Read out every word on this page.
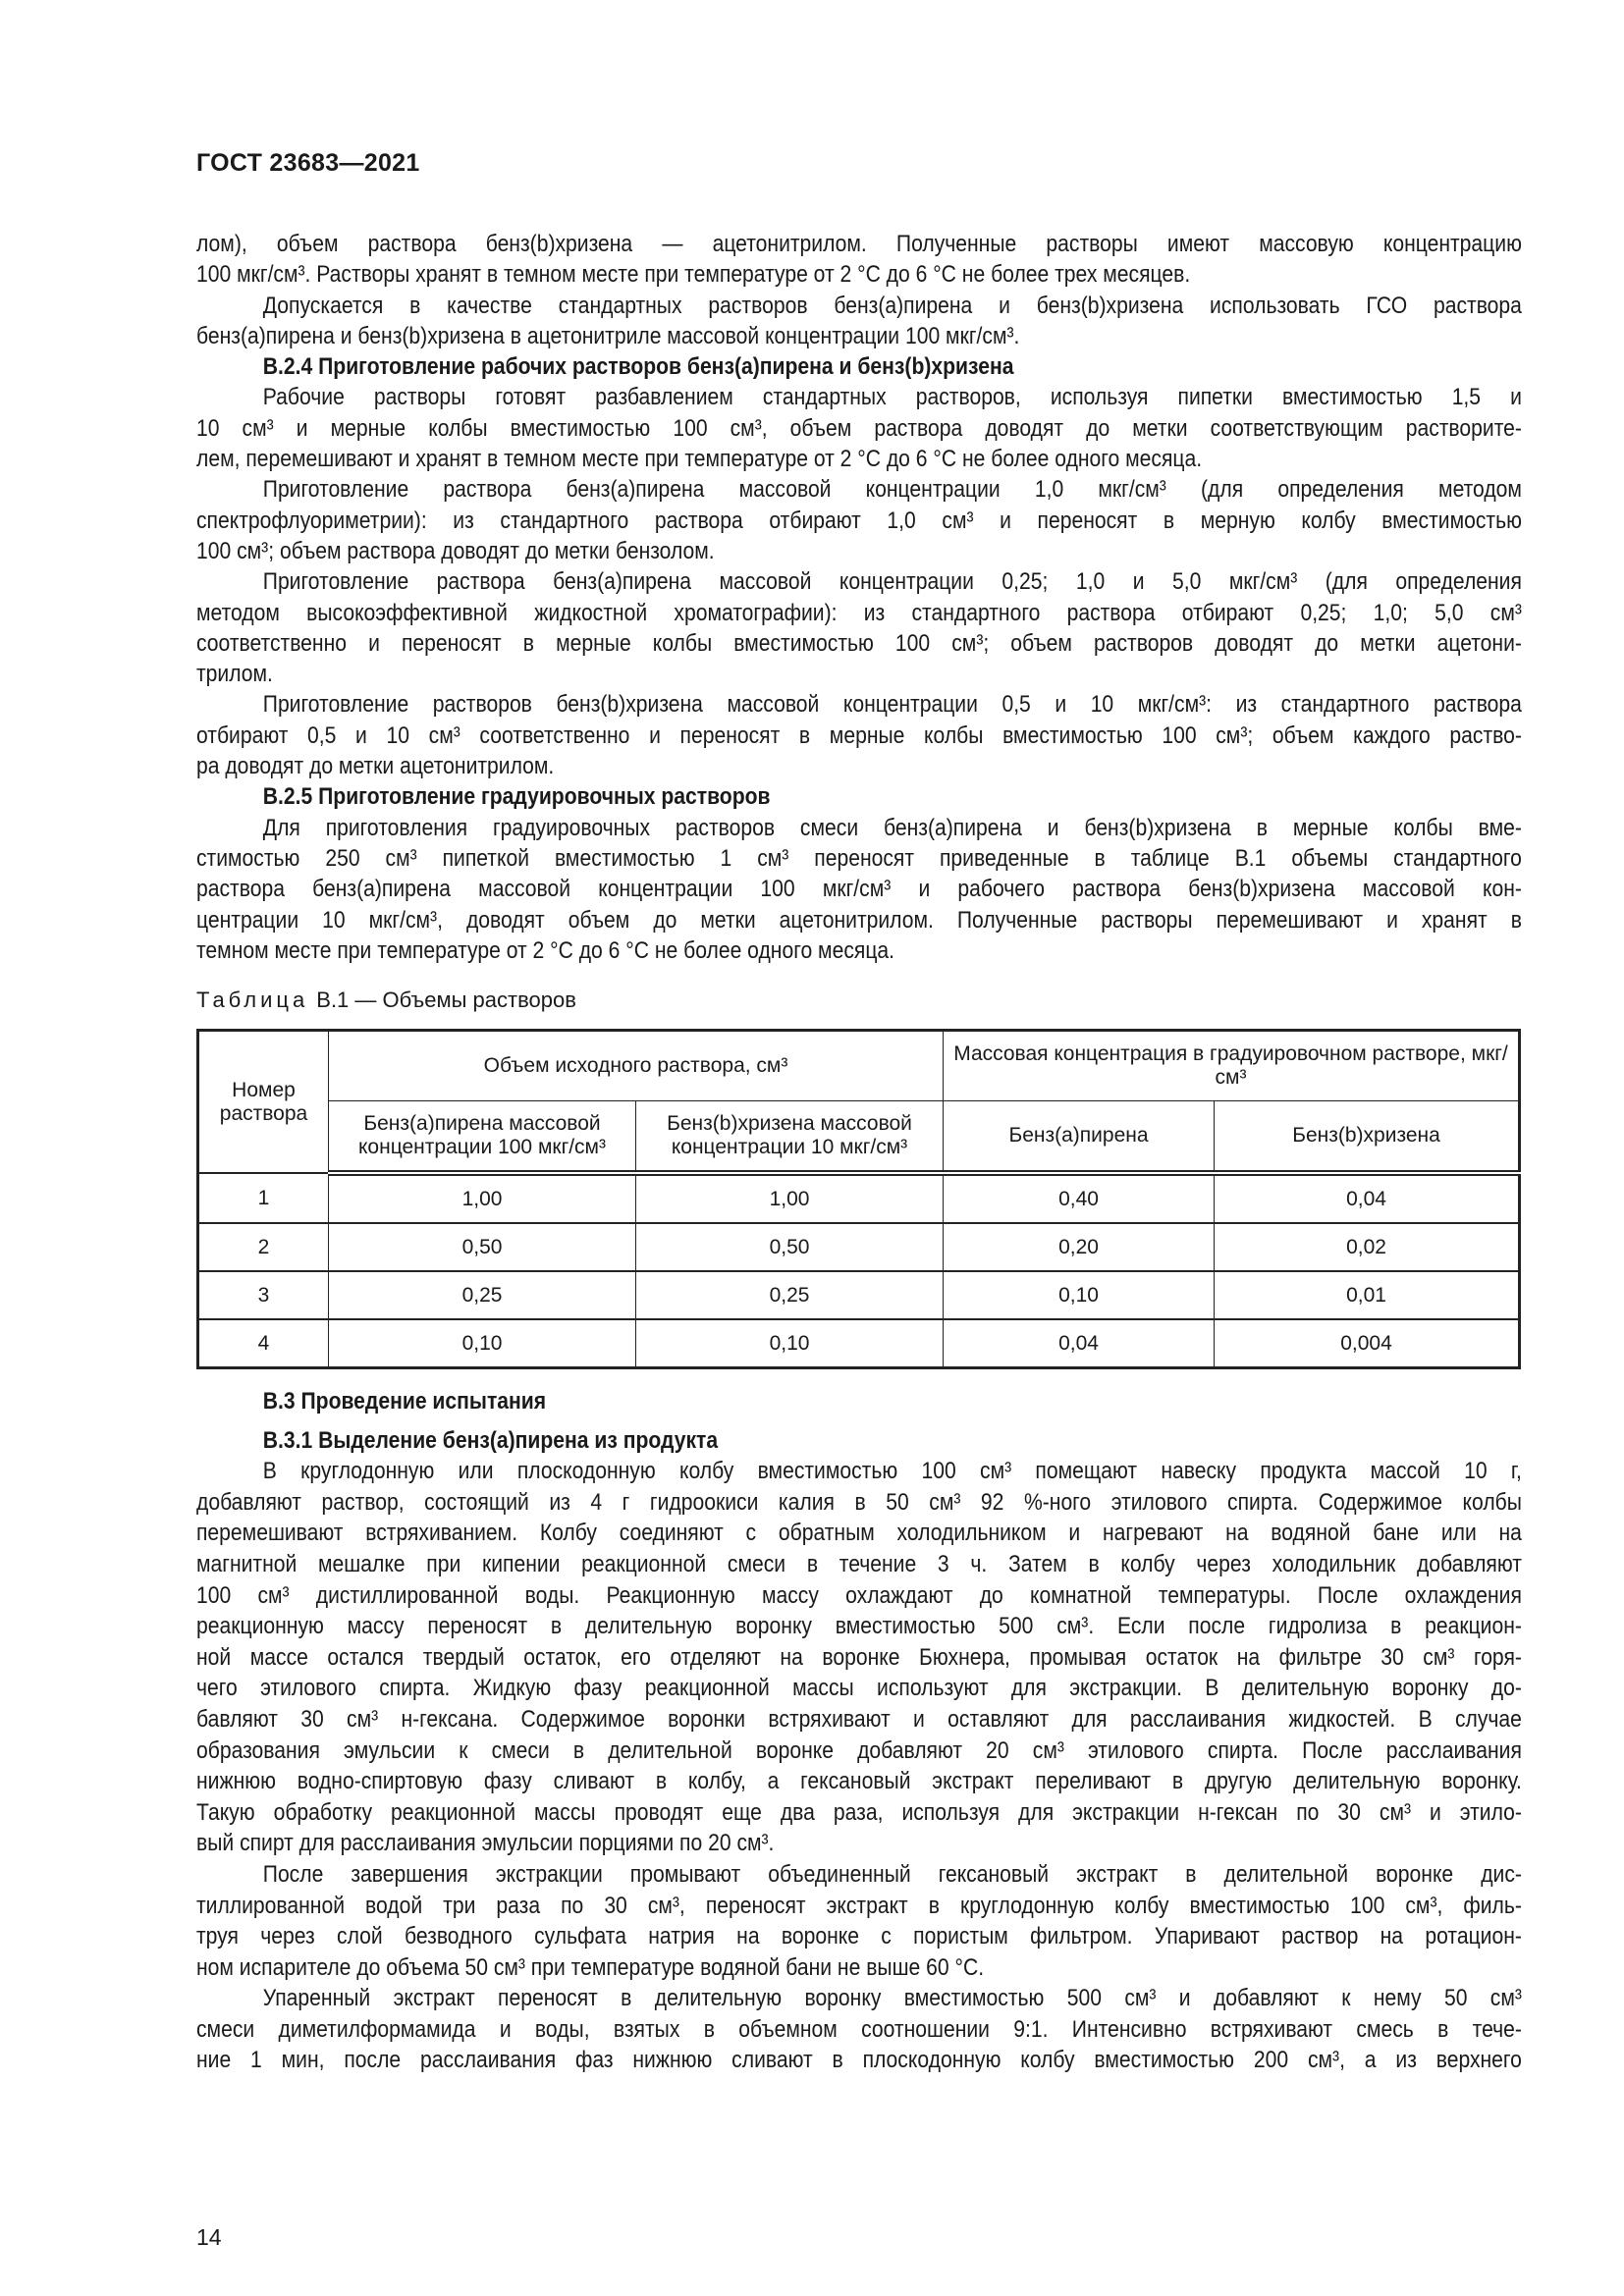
ГОСТ 23683—2021
лом), объем раствора бенз(b)хризена — ацетонитрилом. Полученные растворы имеют массовую концентрацию
100 мкг/см³. Растворы хранят в темном месте при температуре от 2 °С до 6 °С не более трех месяцев.
Допускается в качестве стандартных растворов бенз(а)пирена и бенз(b)хризена использовать ГСО раствора
бенз(а)пирена и бенз(b)хризена в ацетонитриле массовой концентрации 100 мкг/см³.
В.2.4 Приготовление рабочих растворов бенз(а)пирена и бенз(b)хризена
Рабочие растворы готовят разбавлением стандартных растворов, используя пипетки вместимостью 1,5 и
10 см³ и мерные колбы вместимостью 100 см³, объем раствора доводят до метки соответствующим растворите-
лем, перемешивают и хранят в темном месте при температуре от 2 °С до 6 °С не более одного месяца.
Приготовление раствора бенз(а)пирена массовой концентрации 1,0 мкг/см³ (для определения методом
спектрофлуориметрии): из стандартного раствора отбирают 1,0 см³ и переносят в мерную колбу вместимостью
100 см³; объем раствора доводят до метки бензолом.
Приготовление раствора бенз(а)пирена массовой концентрации 0,25; 1,0 и 5,0 мкг/см³ (для определения
методом высокоэффективной жидкостной хроматографии): из стандартного раствора отбирают 0,25; 1,0; 5,0 см³
соответственно и переносят в мерные колбы вместимостью 100 см³; объем растворов доводят до метки ацетони-
трилом.
Приготовление растворов бенз(b)хризена массовой концентрации 0,5 и 10 мкг/см³: из стандартного раствора
отбирают 0,5 и 10 см³ соответственно и переносят в мерные колбы вместимостью 100 см³; объем каждого раство-
ра доводят до метки ацетонитрилом.
В.2.5 Приготовление градуировочных растворов
Для приготовления градуировочных растворов смеси бенз(а)пирена и бенз(b)хризена в мерные колбы вме-
стимостью 250 см³ пипеткой вместимостью 1 см³ переносят приведенные в таблице В.1 объемы стандартного
раствора бенз(а)пирена массовой концентрации 100 мкг/см³ и рабочего раствора бенз(b)хризена массовой кон-
центрации 10 мкг/см³, доводят объем до метки ацетонитрилом. Полученные растворы перемешивают и хранят в
темном месте при температуре от 2 °С до 6 °С не более одного месяца.
Таблица В.1 — Объемы растворов
Номер раствора	Объем исходного раствора, см³		Массовая концентрация в градуировочном растворе, мкг/см³	
	Бенз(а)пирена массовой концентрации 100 мкг/см³	Бенз(b)хризена массовой концентрации 10 мкг/см³	Бенз(а)пирена	Бенз(b)хризена
1	1,00	1,00	0,40	0,04
2	0,50	0,50	0,20	0,02
3	0,25	0,25	0,10	0,01
4	0,10	0,10	0,04	0,004
В.3 Проведение испытания
В.3.1 Выделение бенз(а)пирена из продукта
В круглодонную или плоскодонную колбу вместимостью 100 см³ помещают навеску продукта массой 10 г,
добавляют раствор, состоящий из 4 г гидроокиси калия в 50 см³ 92 %-ного этилового спирта. Содержимое колбы
перемешивают встряхиванием. Колбу соединяют с обратным холодильником и нагревают на водяной бане или на
магнитной мешалке при кипении реакционной смеси в течение 3 ч. Затем в колбу через холодильник добавляют
100 см³ дистиллированной воды. Реакционную массу охлаждают до комнатной температуры. После охлаждения
реакционную массу переносят в делительную воронку вместимостью 500 см³. Если после гидролиза в реакцион-
ной массе остался твердый остаток, его отделяют на воронке Бюхнера, промывая остаток на фильтре 30 см³ горя-
чего этилового спирта. Жидкую фазу реакционной массы используют для экстракции. В делительную воронку до-
бавляют 30 см³ н-гексана. Содержимое воронки встряхивают и оставляют для расслаивания жидкостей. В случае
образования эмульсии к смеси в делительной воронке добавляют 20 см³ этилового спирта. После расслаивания
нижнюю водно-спиртовую фазу сливают в колбу, а гексановый экстракт переливают в другую делительную воронку.
Такую обработку реакционной массы проводят еще два раза, используя для экстракции н-гексан по 30 см³ и этило-
вый спирт для расслаивания эмульсии порциями по 20 см³.
После завершения экстракции промывают объединенный гексановый экстракт в делительной воронке дис-
тиллированной водой три раза по 30 см³, переносят экстракт в круглодонную колбу вместимостью 100 см³, филь-
труя через слой безводного сульфата натрия на воронке с пористым фильтром. Упаривают раствор на ротацион-
ном испарителе до объема 50 см³ при температуре водяной бани не выше 60 °С.
Упаренный экстракт переносят в делительную воронку вместимостью 500 см³ и добавляют к нему 50 см³
смеси диметилформамида и воды, взятых в объемном соотношении 9:1. Интенсивно встряхивают смесь в тече-
ние 1 мин, после расслаивания фаз нижнюю сливают в плоскодонную колбу вместимостью 200 см³, а из верхнего
14
